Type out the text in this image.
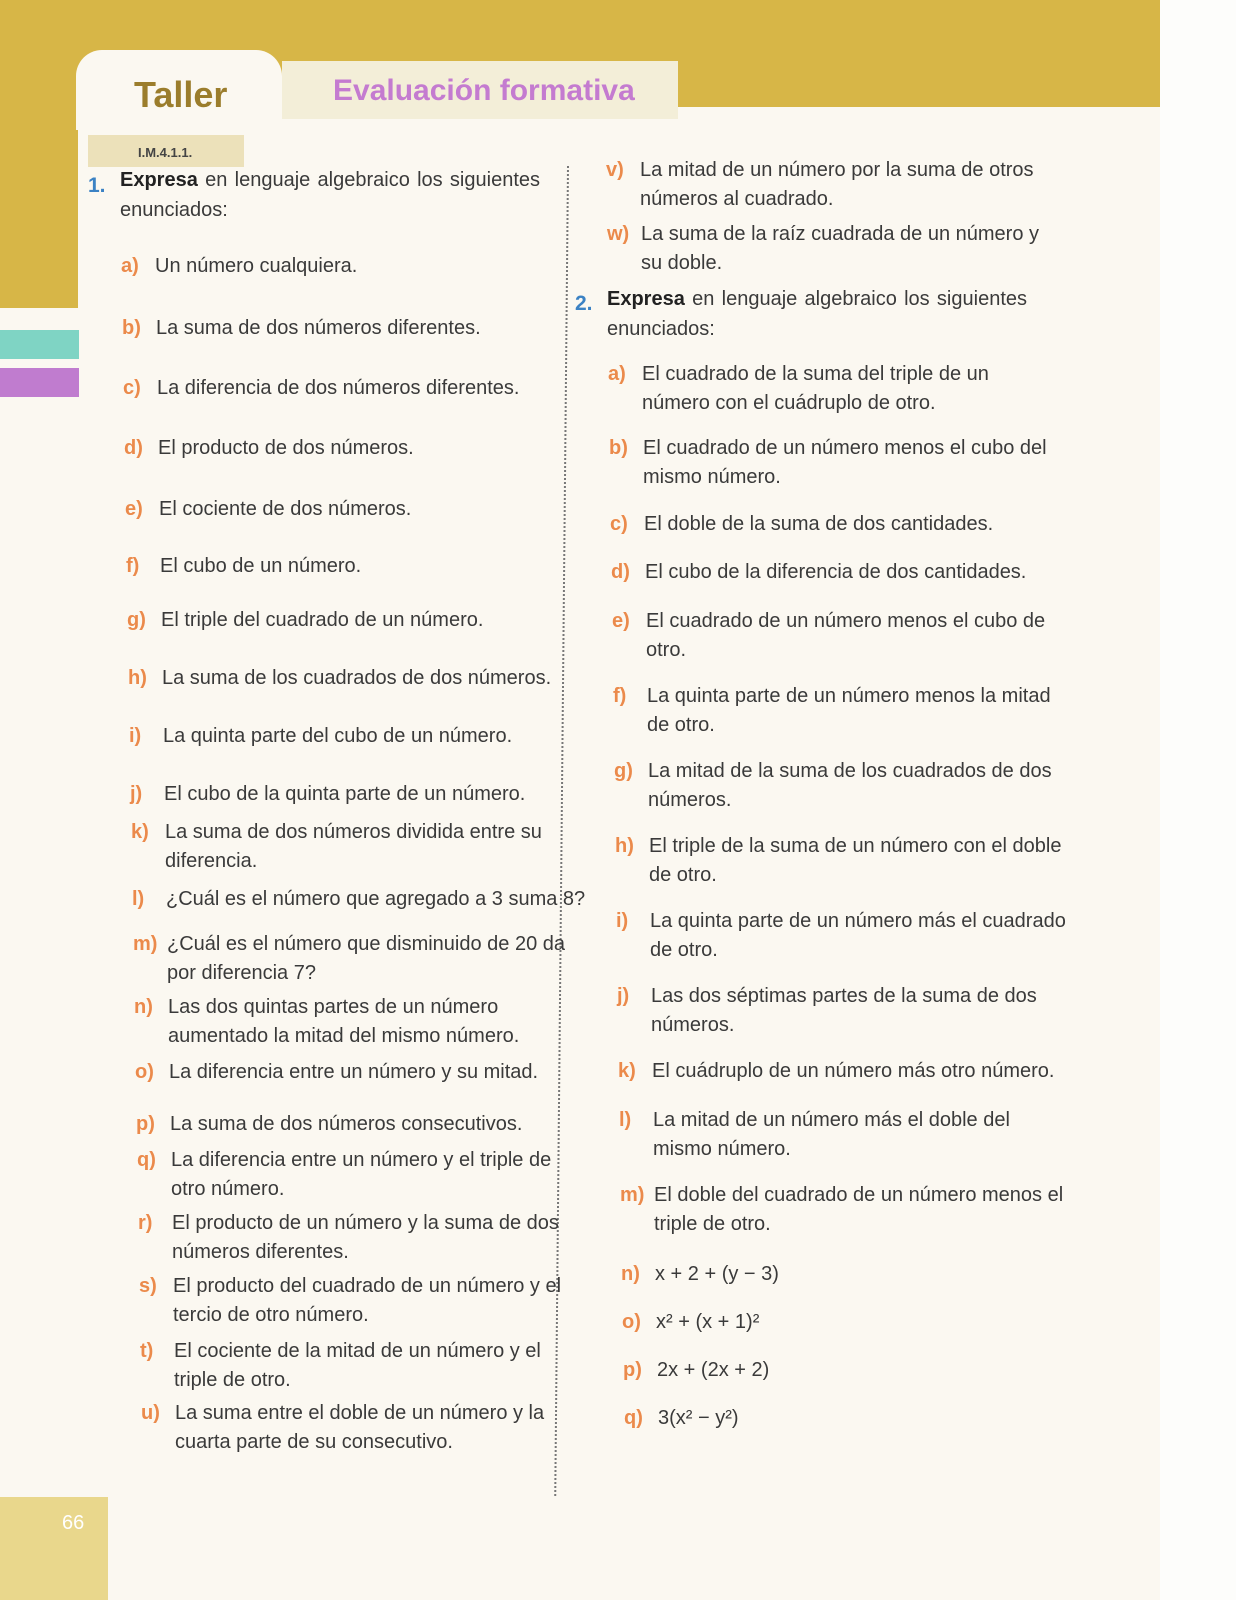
Taller	Evaluación formativa
I.M.4.1.1.
1. Expresa en lenguaje algebraico los siguientes enunciados:
a) Un número cualquiera.
b) La suma de dos números diferentes.
c) La diferencia de dos números diferentes.
d) El producto de dos números.
e) El cociente de dos números.
f) El cubo de un número.
g) El triple del cuadrado de un número.
h) La suma de los cuadrados de dos números.
i) La quinta parte del cubo de un número.
j) El cubo de la quinta parte de un número.
k) La suma de dos números dividida entre su diferencia.
l) ¿Cuál es el número que agregado a 3 suma 8?
m) ¿Cuál es el número que disminuido de 20 da por diferencia 7?
n) Las dos quintas partes de un número aumentado la mitad del mismo número.
o) La diferencia entre un número y su mitad.
p) La suma de dos números consecutivos.
q) La diferencia entre un número y el triple de otro número.
r) El producto de un número y la suma de dos números diferentes.
s) El producto del cuadrado de un número y el tercio de otro número.
t) El cociente de la mitad de un número y el triple de otro.
u) La suma entre el doble de un número y la cuarta parte de su consecutivo.
v) La mitad de un número por la suma de otros números al cuadrado.
w) La suma de la raíz cuadrada de un número y su doble.
2. Expresa en lenguaje algebraico los siguientes enunciados:
a) El cuadrado de la suma del triple de un número con el cuádruplo de otro.
b) El cuadrado de un número menos el cubo del mismo número.
c) El doble de la suma de dos cantidades.
d) El cubo de la diferencia de dos cantidades.
e) El cuadrado de un número menos el cubo de otro.
f) La quinta parte de un número menos la mitad de otro.
g) La mitad de la suma de los cuadrados de dos números.
h) El triple de la suma de un número con el doble de otro.
i) La quinta parte de un número más el cuadrado de otro.
j) Las dos séptimas partes de la suma de dos números.
k) El cuádruplo de un número más otro número.
l) La mitad de un número más el doble del mismo número.
m) El doble del cuadrado de un número menos el triple de otro.
n) x + 2 + (y − 3)
o) x² + (x + 1)²
p) 2x + (2x + 2)
q) 3(x² − y²)
66
